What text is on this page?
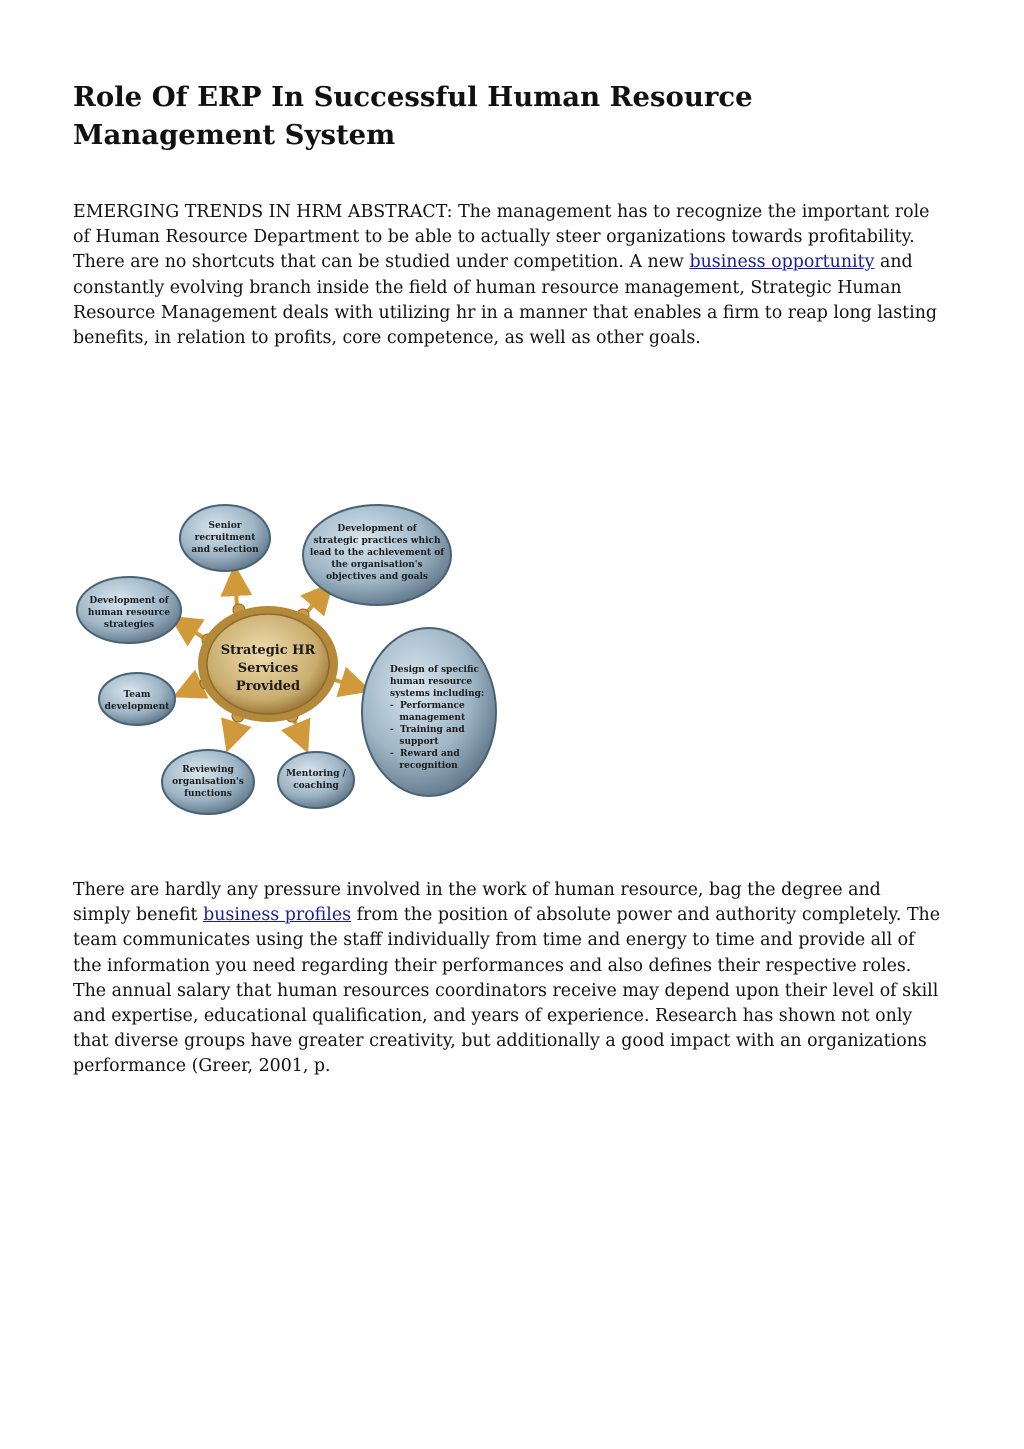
Role Of ERP In Successful Human Resource Management System

EMERGING TRENDS IN HRM ABSTRACT: The management has to recognize the important role of Human Resource Department to be able to actually steer organizations towards profitability. There are no shortcuts that can be studied under competition. A new business opportunity and constantly evolving branch inside the field of human resource management, Strategic Human Resource Management deals with utilizing hr in a manner that enables a firm to reap long lasting benefits, in relation to profits, core competence, as well as other goals.

Strategic HR
Services
Provided
Senior
recruitment
and selection
Development of
strategic practices which
lead to the achievement of
the organisation's
objectives and goals
Development of
human resource
strategies
Team
development
Reviewing
organisation's
functions
Mentoring /
coaching
Design of specific
human resource
systems including:
-  Performance
management
-  Training and
support
-  Reward and
recognition

There are hardly any pressure involved in the work of human resource, bag the degree and simply benefit business profiles from the position of absolute power and authority completely. The team communicates using the staff individually from time and energy to time and provide all of the information you need regarding their performances and also defines their respective roles. The annual salary that human resources coordinators receive may depend upon their level of skill and expertise, educational qualification, and years of experience. Research has shown not only that diverse groups have greater creativity, but additionally a good impact with an organizations performance (Greer, 2001, p.
